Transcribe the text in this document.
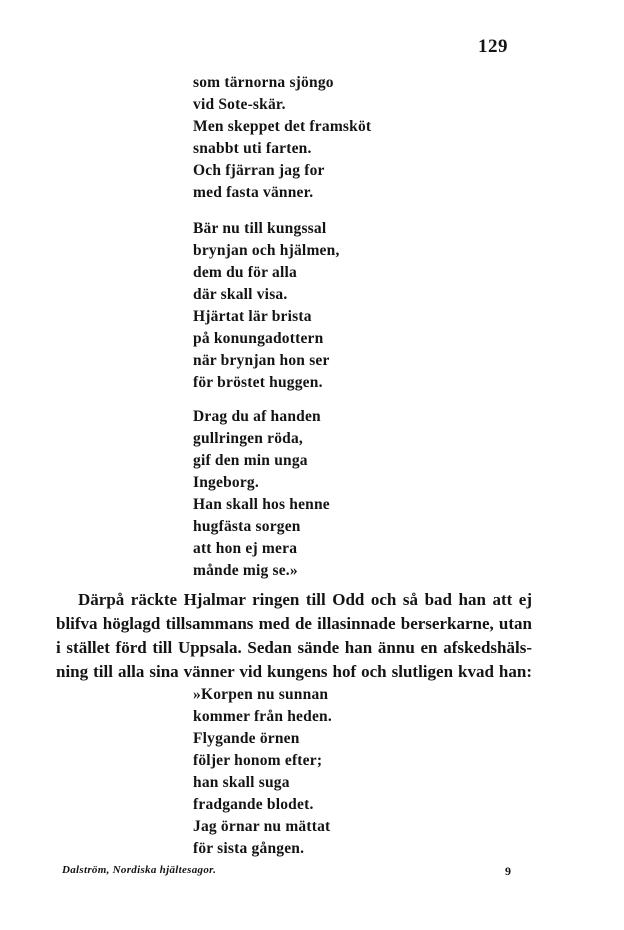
129
som tärnorna sjöngo
vid Sote-skär.
Men skeppet det framsköt
snabbt uti farten.
Och fjärran jag for
med fasta vänner.
Bär nu till kungssal
brynjan och hjälmen,
dem du för alla
där skall visa.
Hjärtat lär brista
på konungadottern
när brynjan hon ser
för bröstet huggen.
Drag du af handen
gullringen röda,
gif den min unga
Ingeborg.
Han skall hos henne
hugfästa sorgen
att hon ej mera
månde mig se.»
Därpå räckte Hjalmar ringen till Odd och så bad han att ej
blifva höglagd tillsammans med de illasinnade berserkarne, utan
i stället förd till Uppsala. Sedan sände han ännu en afskedshäls-
ning till alla sina vänner vid kungens hof och slutligen kvad han:
»Korpen nu sunnan
kommer från heden.
Flygande örnen
följer honom efter;
han skall suga
fradgande blodet.
Jag örnar nu mättat
för sista gången.
Dalström, Nordiska hjältesagor.	9
